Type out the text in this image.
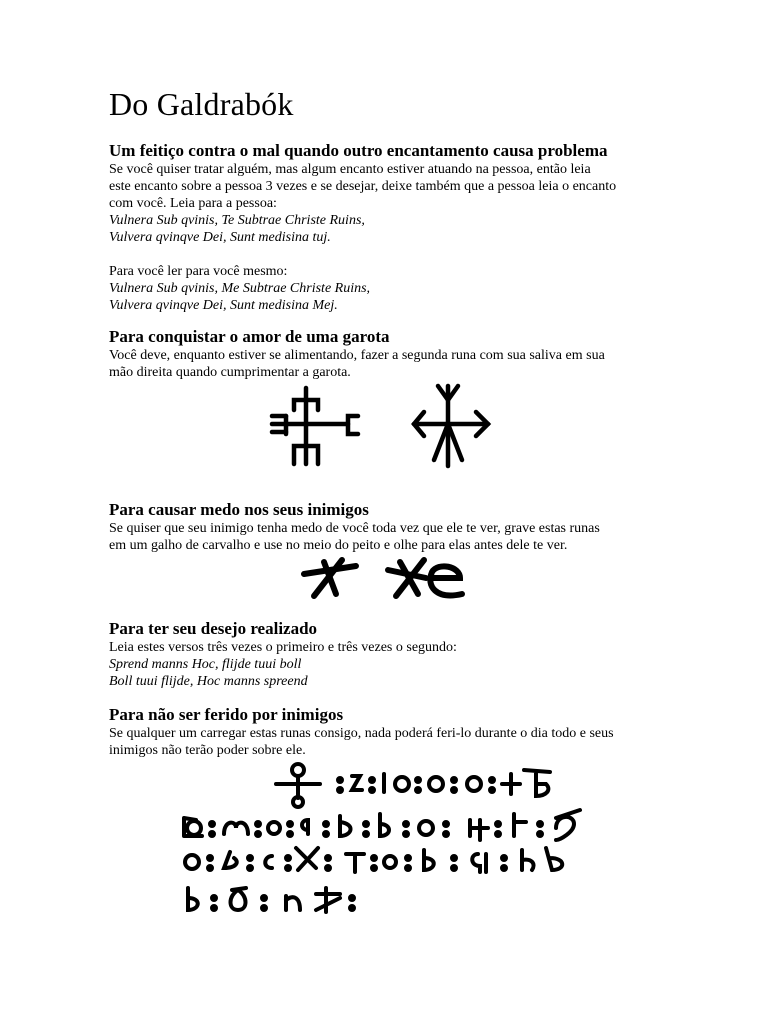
Do Galdrabók
Um feitiço contra o mal quando outro encantamento causa problema

Se você quiser tratar alguém, mas algum encanto estiver atuando na pessoa, então leia

este encanto sobre a pessoa 3 vezes e se desejar, deixe também que a pessoa leia o encanto

com você. Leia para a pessoa:

Vulnera Sub qvinis, Te Subtrae Christe Ruins,

Vulvera qvinqve Dei, Sunt medisina tuj.

Para você ler para você mesmo:

Vulnera Sub qvinis, Me Subtrae Christe Ruins,

Vulvera qvinqve Dei, Sunt medisina Mej.

Para conquistar o amor de uma garota

Você deve, enquanto estiver se alimentando, fazer a segunda runa com sua saliva em sua

mão direita quando cumprimentar a garota.

Para causar medo nos seus inimigos

Se quiser que seu inimigo tenha medo de você toda vez que ele te ver, grave estas runas

em um galho de carvalho e use no meio do peito e olhe para elas antes dele te ver.

Para ter seu desejo realizado

Leia estes versos três vezes o primeiro e três vezes o segundo:

Sprend manns Hoc, flijde tuui boll

Boll tuui flijde, Hoc manns spreend

Para não ser ferido por inimigos

Se qualquer um carregar estas runas consigo, nada poderá feri-lo durante o dia todo e seus

inimigos não terão poder sobre ele.
